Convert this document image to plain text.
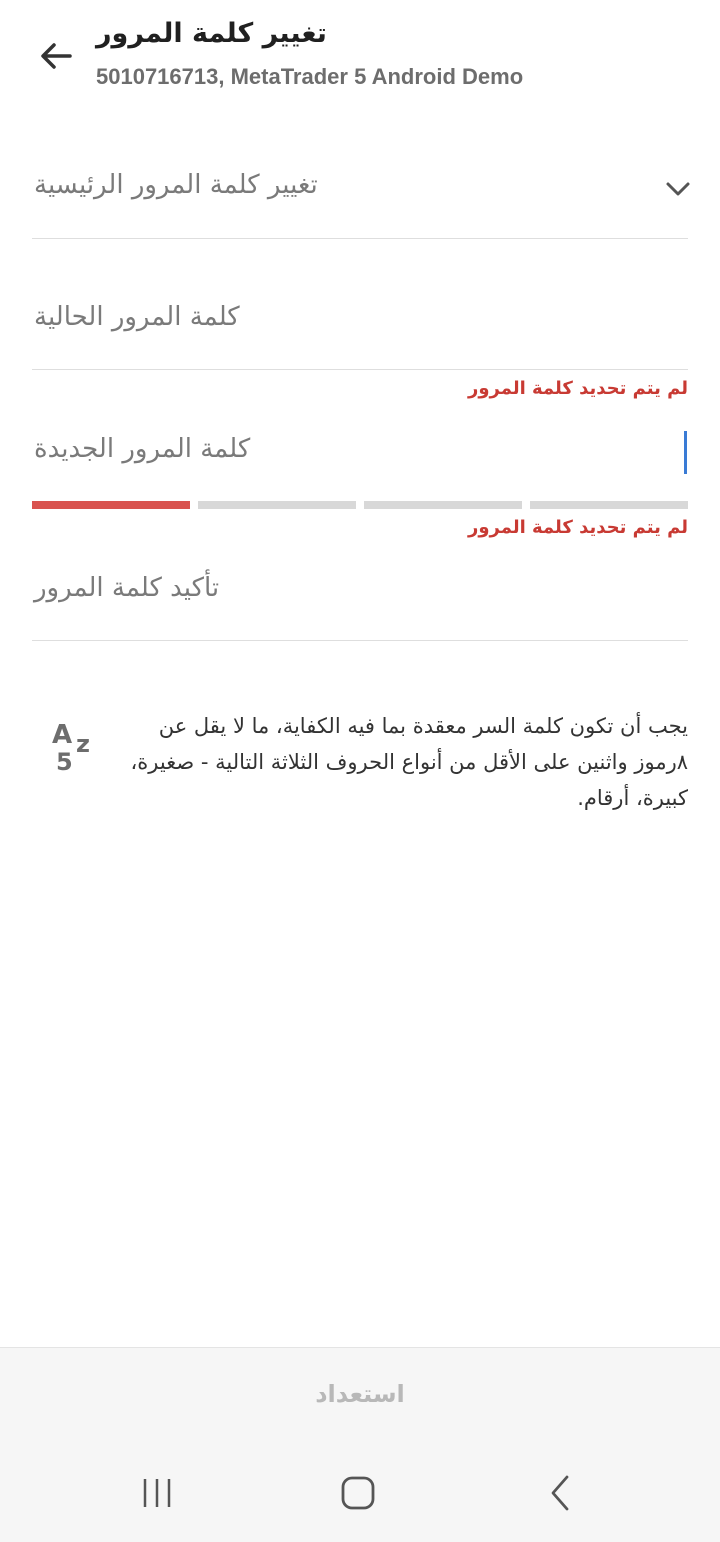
تغيير كلمة المرور
5010716713, MetaTrader 5 Android Demo
تغيير كلمة المرور الرئيسية
كلمة المرور الحالية
لم يتم تحديد كلمة المرور
كلمة المرور الجديدة
لم يتم تحديد كلمة المرور
تأكيد كلمة المرور
A z
5
يجب أن تكون كلمة السر معقدة بما فيه الكفاية، ما لا يقل عن ٨رموز واثنين على الأقل من أنواع الحروف الثلاثة التالية - صغيرة، كبيرة، أرقام.
استعداد
